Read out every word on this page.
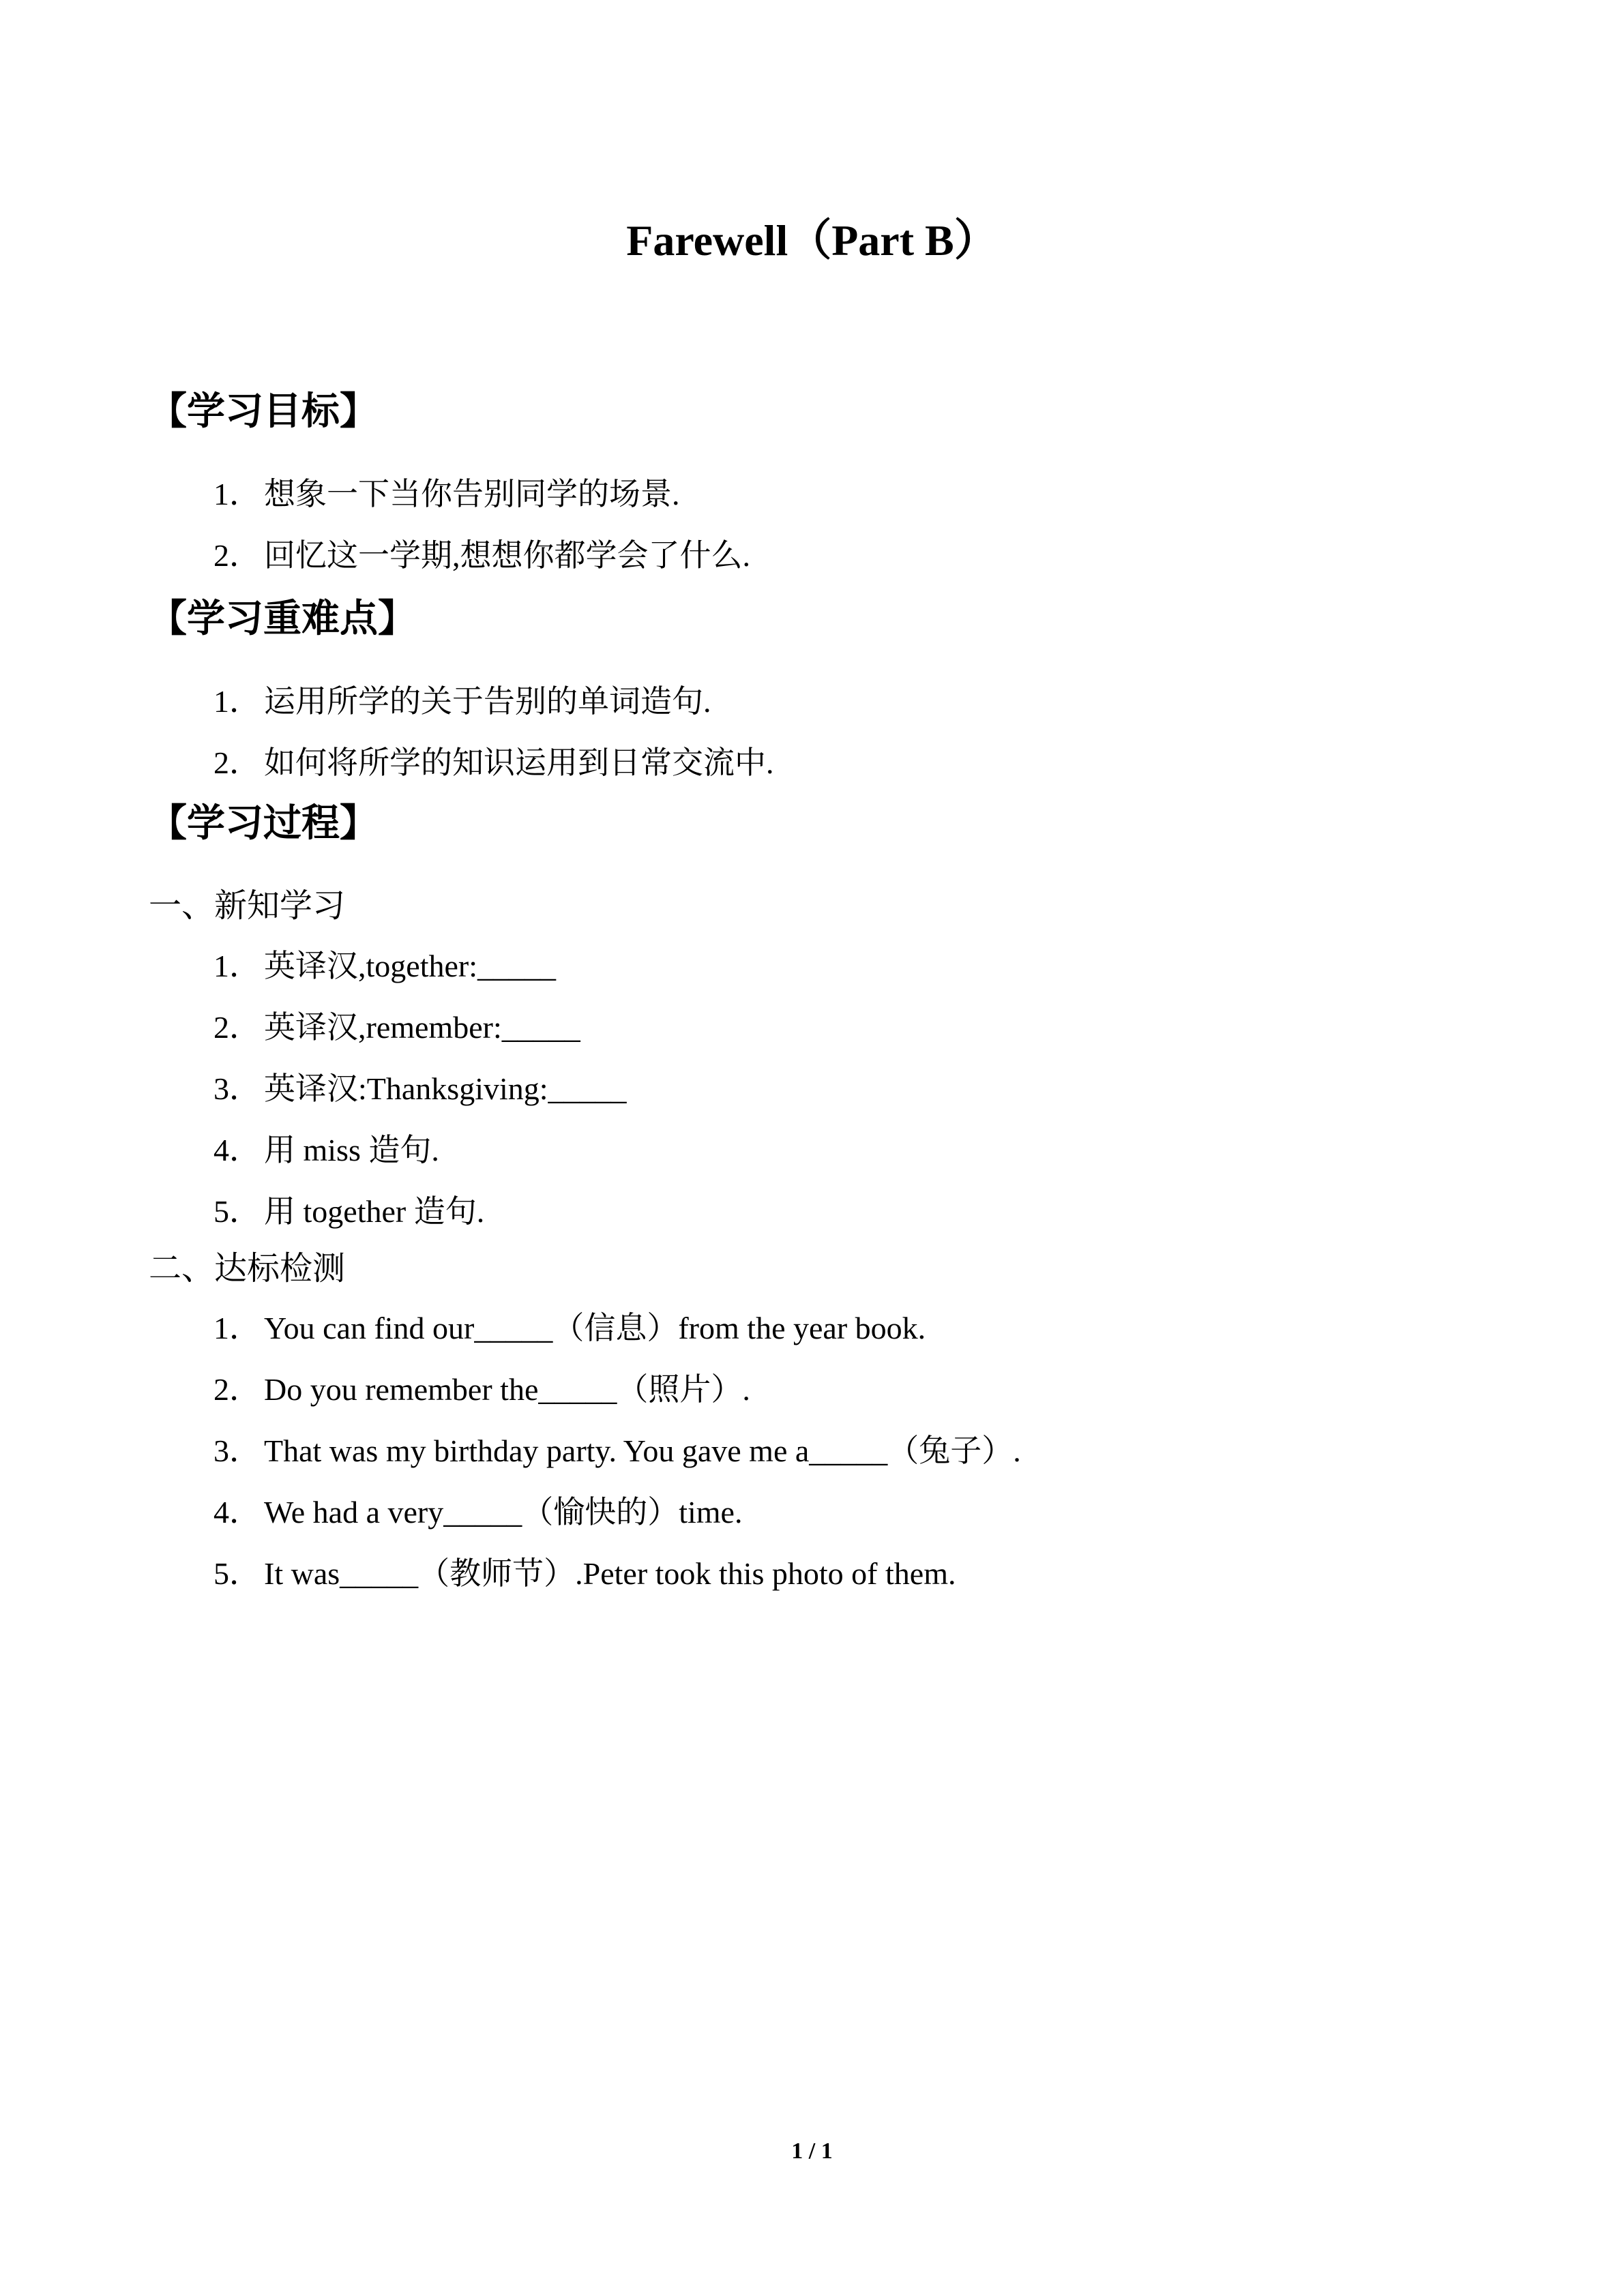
Farewell（Part B）
【学习目标】
1． 想象一下当你告别同学的场景.
2． 回忆这一学期,想想你都学会了什么.
【学习重难点】
1． 运用所学的关于告别的单词造句.
2． 如何将所学的知识运用到日常交流中.
【学习过程】
一、新知学习
1． 英译汉,together:_____
2． 英译汉,remember:_____
3． 英译汉:Thanksgiving:_____
4． 用 miss 造句.
5． 用 together 造句.
二、达标检测
1． You can find our_____（信息）from the year book.
2． Do you remember the_____（照片）.
3． That was my birthday party. You gave me a_____（兔子）.
4． We had a very_____（愉快的）time.
5． It was_____（教师节）.Peter took this photo of them.
1 / 1
